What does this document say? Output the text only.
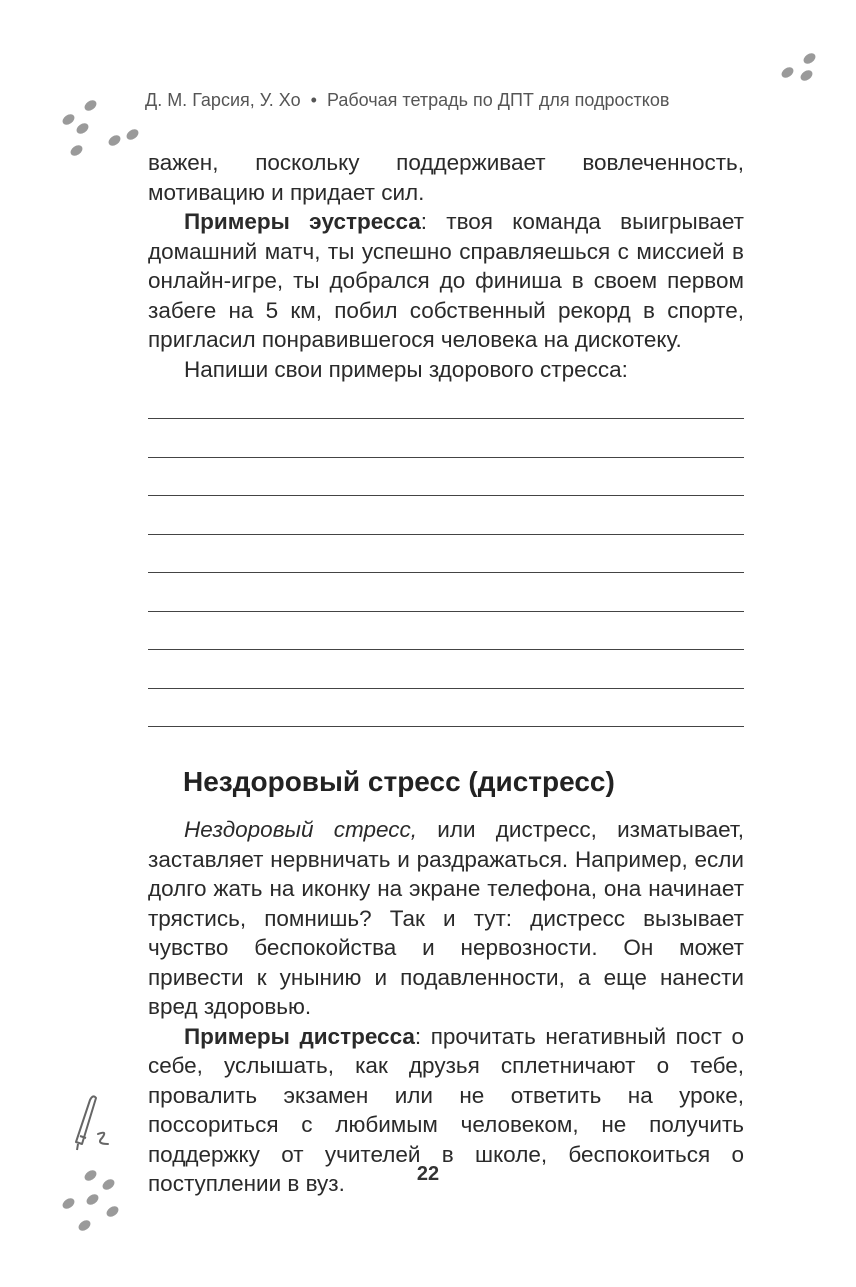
Д. М. Гарсия, У. Хо • Рабочая тетрадь по ДПТ для подростков

важен, поскольку поддерживает вовлеченность, мотивацию и придает сил.

Примеры эустресса: твоя команда выигрывает домашний матч, ты успешно справляешься с миссией в онлайн-игре, ты добрался до финиша в своем первом забеге на 5 км, побил собственный рекорд в спорте, пригласил понравившегося человека на дискотеку.

Напиши свои примеры здорового стресса:

Нездоровый стресс (дистресс)

Нездоровый стресс, или дистресс, изматывает, заставляет нервничать и раздражаться. Например, если долго жать на иконку на экране телефона, она начинает трястись, помнишь? Так и тут: дистресс вызывает чувство беспокойства и нервозности. Он может привести к унынию и подавленности, а еще нанести вред здоровью.

Примеры дистресса: прочитать негативный пост о себе, услышать, как друзья сплетничают о тебе, провалить экзамен или не ответить на уроке, поссориться с любимым человеком, не получить поддержку от учителей в школе, беспокоиться о поступлении в вуз.	22
